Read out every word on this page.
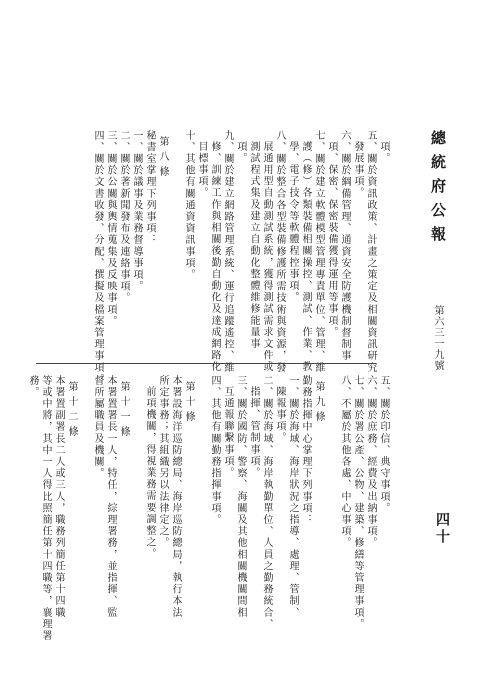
總統府公報
第六三一九號
四十
項。
五、關於資訊政策、計畫之策定及相關資訊研究
發展事項。
六、關於綱備管理、通資安全防護機制督制事
項、保密、保密裝備獲得運用等事項。
七、關於建立軟體模型管理專責單位、管理、維
護（修）各類裝備相關操控、測試、作業、教
學、電子技令等軟體程控事項。
八、關於整合各型裝備修護所需技術與資源，發
展通用型自動測試系統，獲得測試需求文件或
測試程式集及建立自動化整體維修能量事
項。
九、關於建立網路管理系統、運行追蹤遙控、維
修、訓練工作與相關後勤自動化及達成網路化
目標事項。
十、其他有關通資資訊事項。
第八條
秘書室掌理下列事項：
一、關於議事及業務督導事項。
二、關於著新聞發布及連絡事項。
三、關於公關與輿情蒐集及反映事項。
四、關於文書收發、分配、撰擬及檔案管理事項。
五、關於印信、典守事項。
六、關於庶務、經費及出納事項。
七、關於署公產、公物、建築、修繕等管理事項。
八、不屬於其他各處、中心事項。
第九條
勤務指揮中心掌理下列事項：
一、關於海域、海岸狀況之指導、處理、管制、
陳報事項。
二、關於海域、海岸執勤單位、人員之勤務統合、
指揮、管制事項。
三、關於國防、警察、海關及其他相關機關間相
互通報聯繫事項。
四、其他有關勤務指揮事項。
第十條
本署設海洋巡防總局、海岸巡防總局，執行本法
所定事務；其組織另以法律定之。
前項機關，得視業務需要調整之。
第十一條
本署置署長一人，特任，綜理署務，並指揮、監
督所屬職員及機關。
第十二條
本署置副署長二人或三人，職務列簡任第十四職
等或中將，其中一人得比照簡任第十四職等，襄理署
務。
